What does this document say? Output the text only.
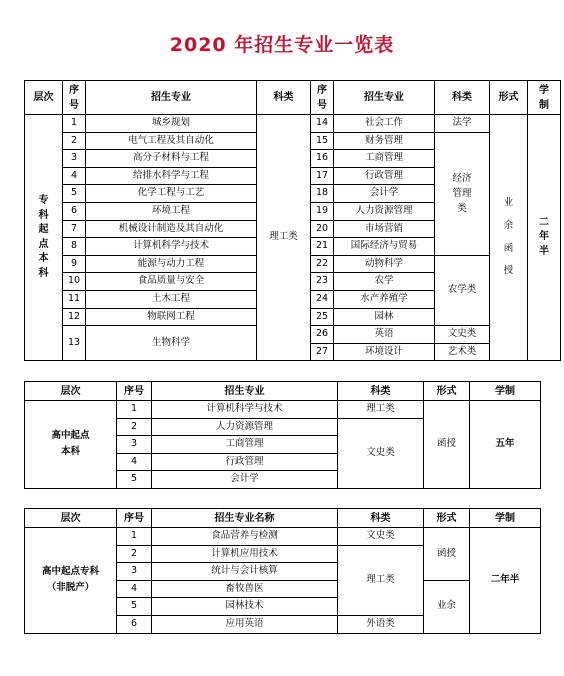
2020 年招生专业一览表
层次	序号	招生专业	科类	序号	招生专业	科类	形式	学制
专科起点本科	1	城乡规划	理工类	14	社会工作	法学	业余函授	二年半
	2	电气工程及其自动化		15	财务管理	经济管理类		
	3	高分子材料与工程		16	工商管理			
	4	给排水科学与工程		17	行政管理			
	5	化学工程与工艺		18	会计学			
	6	环境工程		19	人力资源管理			
	7	机械设计制造及其自动化		20	市场营销			
	8	计算机科学与技术		21	国际经济与贸易			
	9	能源与动力工程		22	动物科学	农学类		
	10	食品质量与安全		23	农学			
	11	土木工程		24	水产养殖学			
	12	物联网工程		25	园林			
	13	生物科学		26	英语	文史类		
				27	环境设计	艺术类		
层次	序号	招生专业	科类	形式	学制
高中起点本科	1	计算机科学与技术	理工类	函授	五年
	2	人力资源管理	文史类		
	3	工商管理			
	4	行政管理			
	5	会计学			
层次	序号	招生专业名称	科类	形式	学制
高中起点专科（非脱产）	1	食品营养与检测	文史类	函授	二年半
	2	计算机应用技术	理工类		
	3	统计与会计核算			
	4	畜牧兽医		业余	
	5	园林技术			
	6	应用英语	外语类		
